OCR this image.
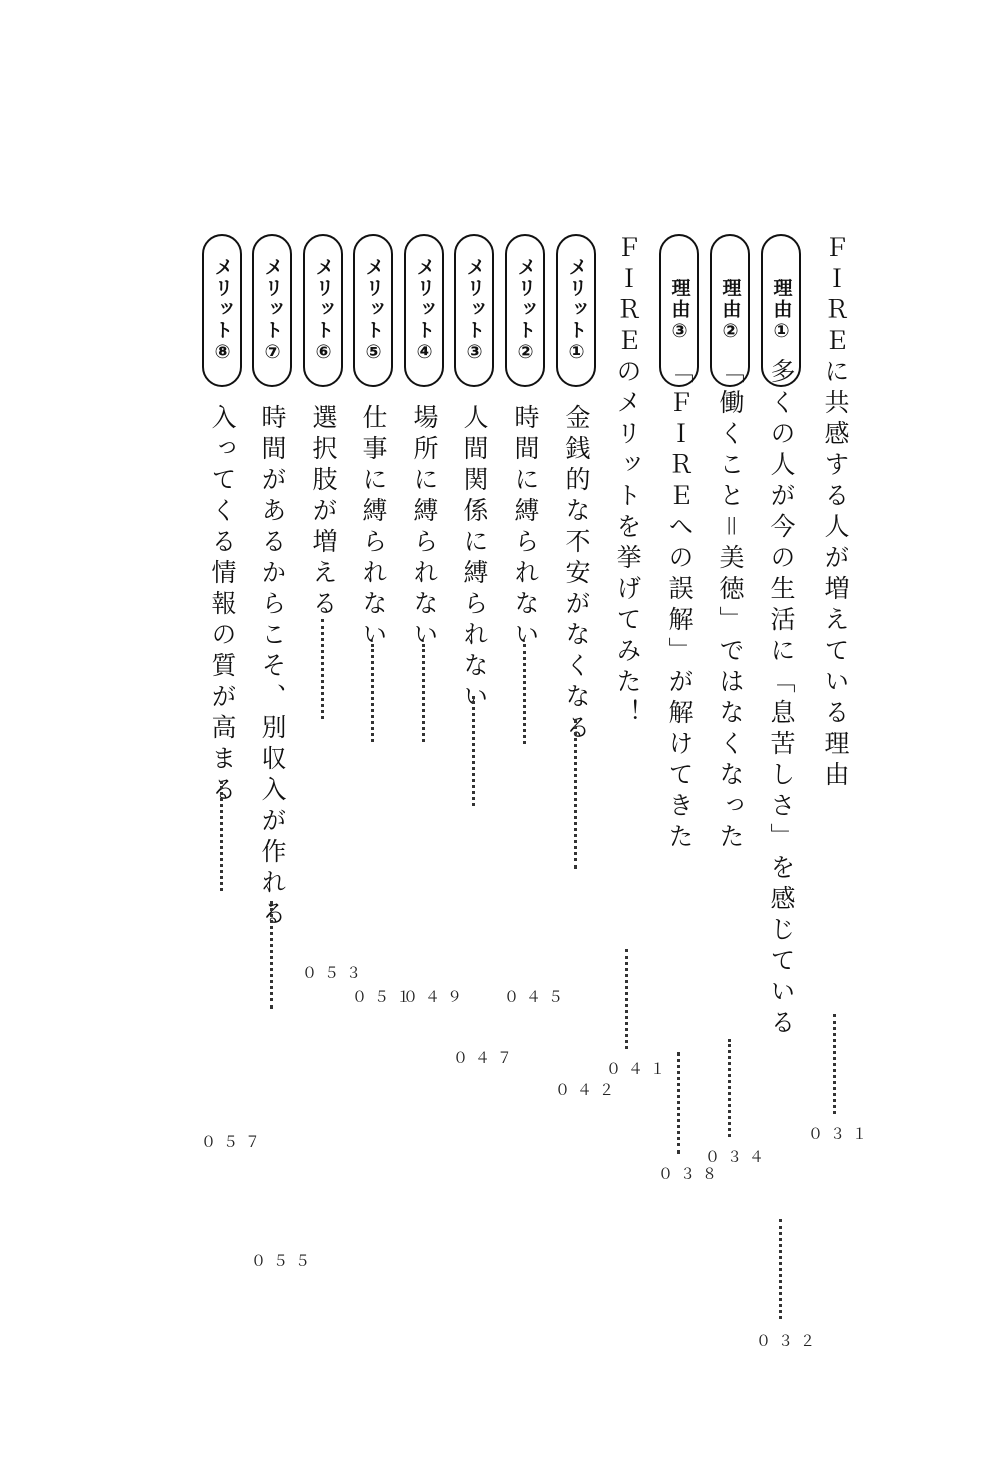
ＦＩＲＥに共感する人が増えている理由
０３１
理由①
多くの人が今の生活に「息苦しさ」を感じている
０３２
理由②
「働くこと＝美徳」ではなくなった
０３４
理由③
「ＦＩＲＥへの誤解」が解けてきた
０３８
ＦＩＲＥのメリットを挙げてみた！
０４１
メリット①
金銭的な不安がなくなる
０４２
メリット②
時間に縛られない
０４５
メリット③
人間関係に縛られない
０４７
メリット④
場所に縛られない
０４９
メリット⑤
仕事に縛られない
０５１
メリット⑥
選択肢が増える
０５３
メリット⑦
時間があるからこそ、別収入が作れる
０５５
メリット⑧
入ってくる情報の質が高まる
０５７
